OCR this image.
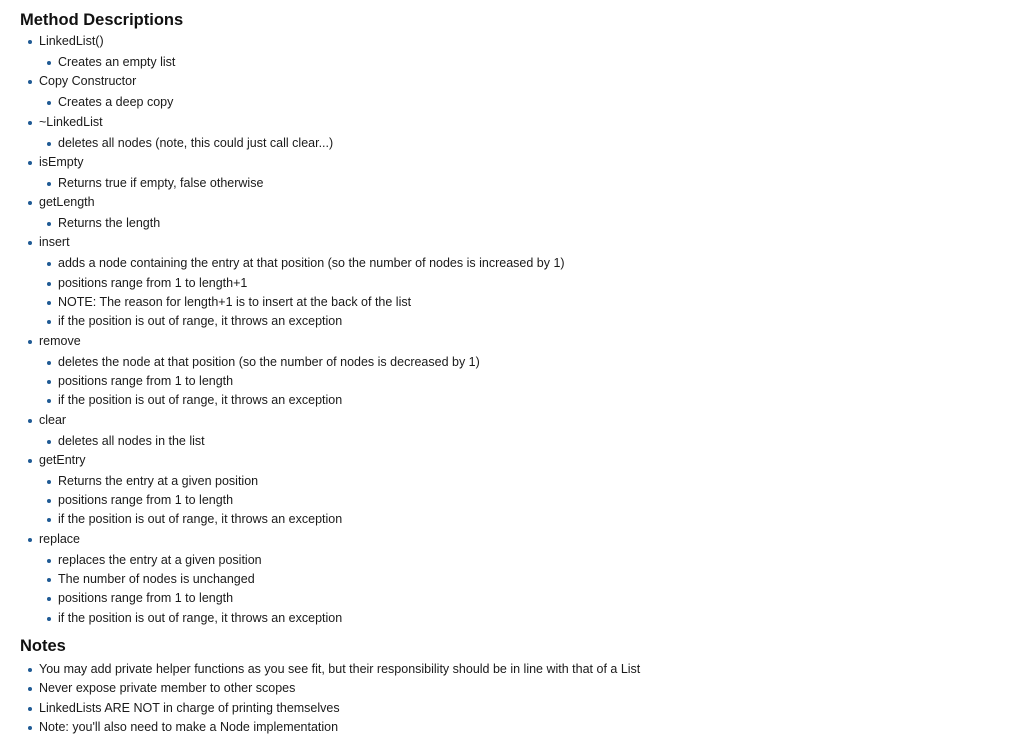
Method Descriptions
LinkedList()
Creates an empty list
Copy Constructor
Creates a deep copy
~LinkedList
deletes all nodes (note, this could just call clear...)
isEmpty
Returns true if empty, false otherwise
getLength
Returns the length
insert
adds a node containing the entry at that position (so the number of nodes is increased by 1)
positions range from 1 to length+1
NOTE: The reason for length+1 is to insert at the back of the list
if the position is out of range, it throws an exception
remove
deletes the node at that position (so the number of nodes is decreased by 1)
positions range from 1 to length
if the position is out of range, it throws an exception
clear
deletes all nodes in the list
getEntry
Returns the entry at a given position
positions range from 1 to length
if the position is out of range, it throws an exception
replace
replaces the entry at a given position
The number of nodes is unchanged
positions range from 1 to length
if the position is out of range, it throws an exception
Notes
You may add private helper functions as you see fit, but their responsibility should be in line with that of a List
Never expose private member to other scopes
LinkedLists ARE NOT in charge of printing themselves
Note: you'll also need to make a Node implementation
